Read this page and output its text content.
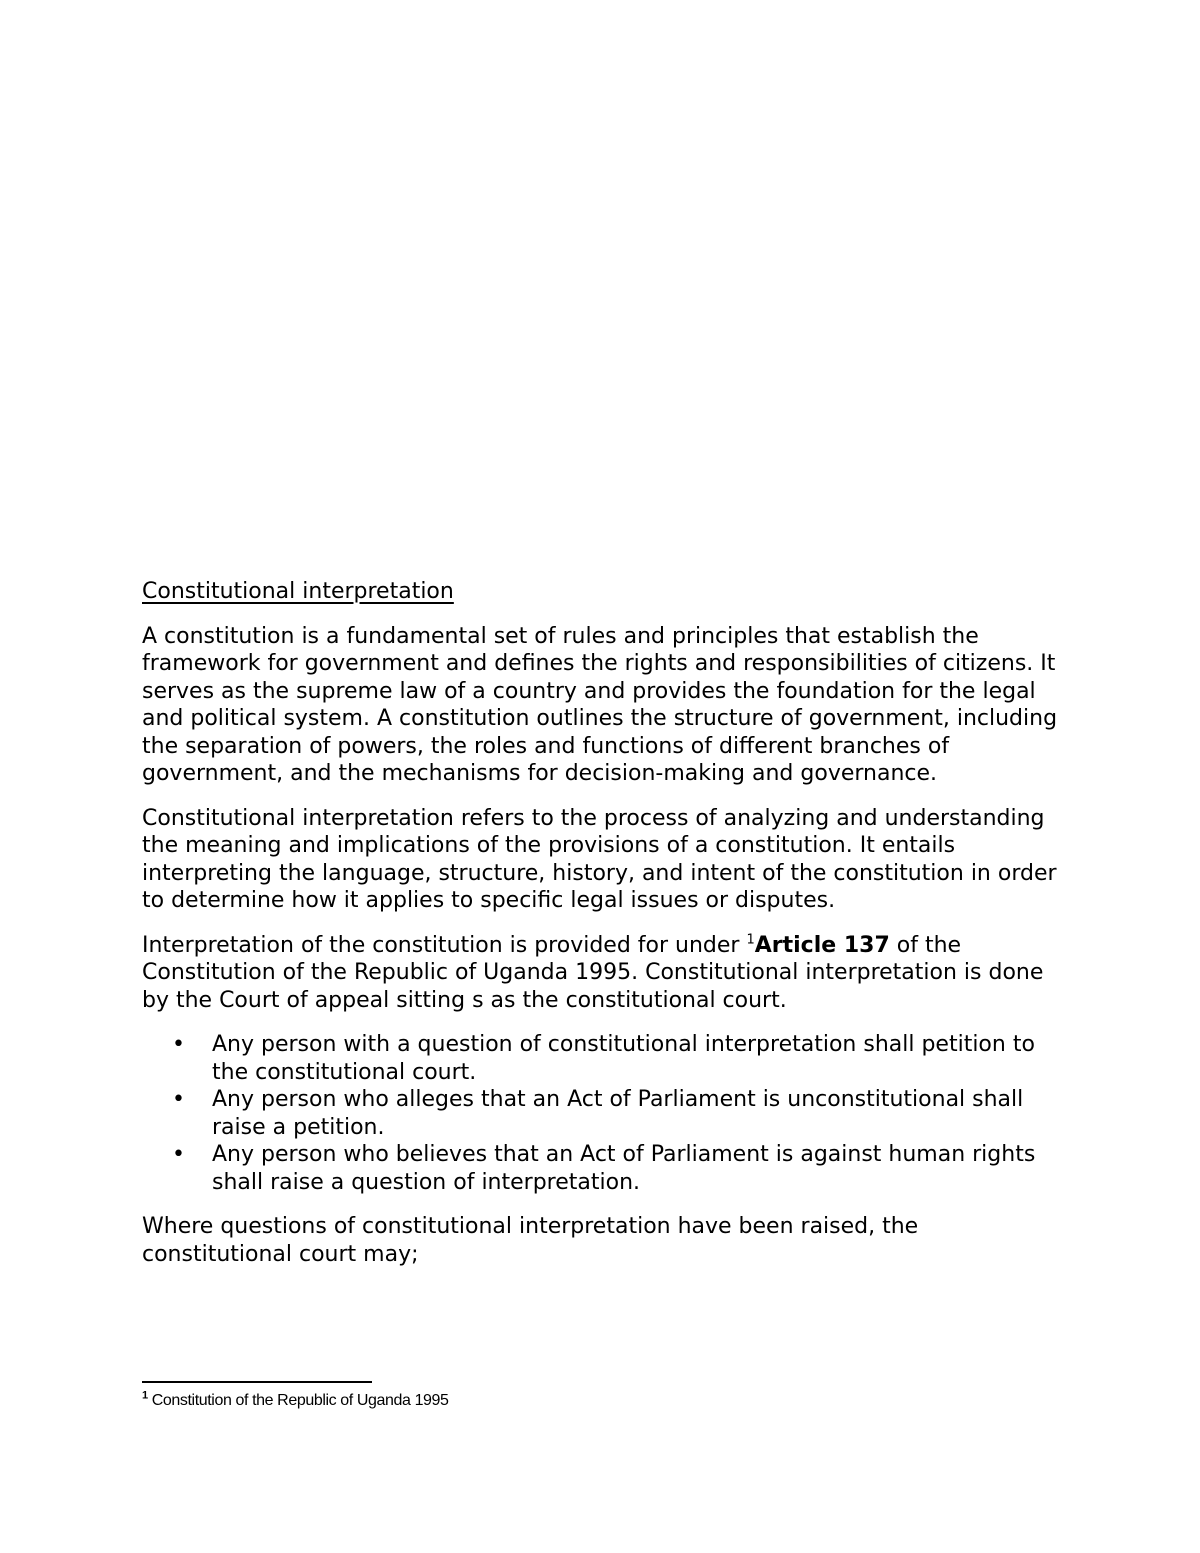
Constitutional interpretation

A constitution is a fundamental set of rules and principles that establish the framework for government and defines the rights and responsibilities of citizens. It serves as the supreme law of a country and provides the foundation for the legal and political system. A constitution outlines the structure of government, including the separation of powers, the roles and functions of different branches of government, and the mechanisms for decision-making and governance.

Constitutional interpretation refers to the process of analyzing and understanding the meaning and implications of the provisions of a constitution. It entails interpreting the language, structure, history, and intent of the constitution in order to determine how it applies to specific legal issues or disputes.

Interpretation of the constitution is provided for under $^1$Article 137 of the Constitution of the Republic of Uganda 1995. Constitutional interpretation is done by the Court of appeal sitting s as the constitutional court.

• Any person with a question of constitutional interpretation shall petition to the constitutional court.
• Any person who alleges that an Act of Parliament is unconstitutional shall raise a petition.
• Any person who believes that an Act of Parliament is against human rights shall raise a question of interpretation.

Where questions of constitutional interpretation have been raised, the constitutional court may;

$^1$ Constitution of the Republic of Uganda 1995
